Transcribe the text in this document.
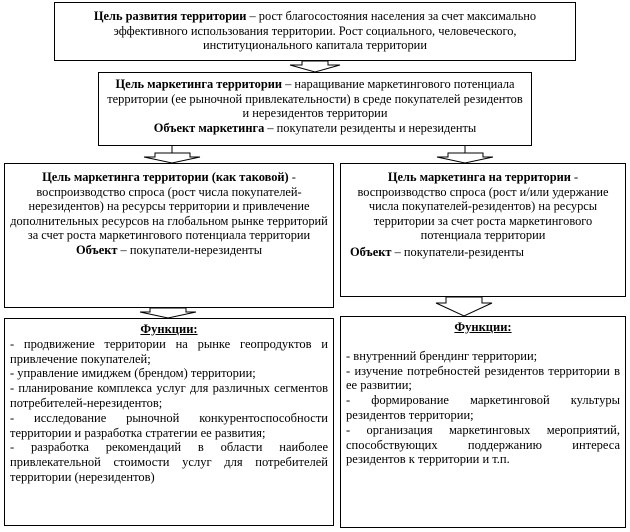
Цель развития территории – рост благосостояния населения за счет максимально эффективного использования территории. Рост социального, человеческого, институционального капитала территории

Цель маркетинга территории – наращивание маркетингового потенциала территории (ее рыночной привлекательности) в среде покупателей резидентов и нерезидентов территории

Объект маркетинга – покупатели резиденты и нерезиденты

Цель маркетинга территории (как таковой) - воспроизводство спроса (рост числа покупателей-нерезидентов) на ресурсы территории и привлечение дополнительных ресурсов на глобальном рынке территорий за счет роста маркетингового потенциала территории

Объект – покупатели-нерезиденты

Цель маркетинга на территории - воспроизводство спроса (рост и/или удержание числа покупателей-резидентов) на ресурсы территории за счет роста маркетингового потенциала территории

Объект – покупатели-резиденты

Функции:

- продвижение территории на рынке геопродуктов и привлечение покупателей;

- управление имиджем (брендом) территории;

- планирование комплекса услуг для различных сегментов потребителей-нерезидентов;

- исследование рыночной конкурентоспособности территории и разработка стратегии ее развития;

- разработка рекомендаций в области наиболее привлекательной стоимости услуг для потребителей территории (нерезидентов)

Функции:

- внутренний брендинг территории;

- изучение потребностей резидентов территории в ее развитии;

- формирование маркетинговой культуры резидентов территории;

- организация маркетинговых мероприятий, способствующих поддержанию интереса резидентов к территории и т.п.
